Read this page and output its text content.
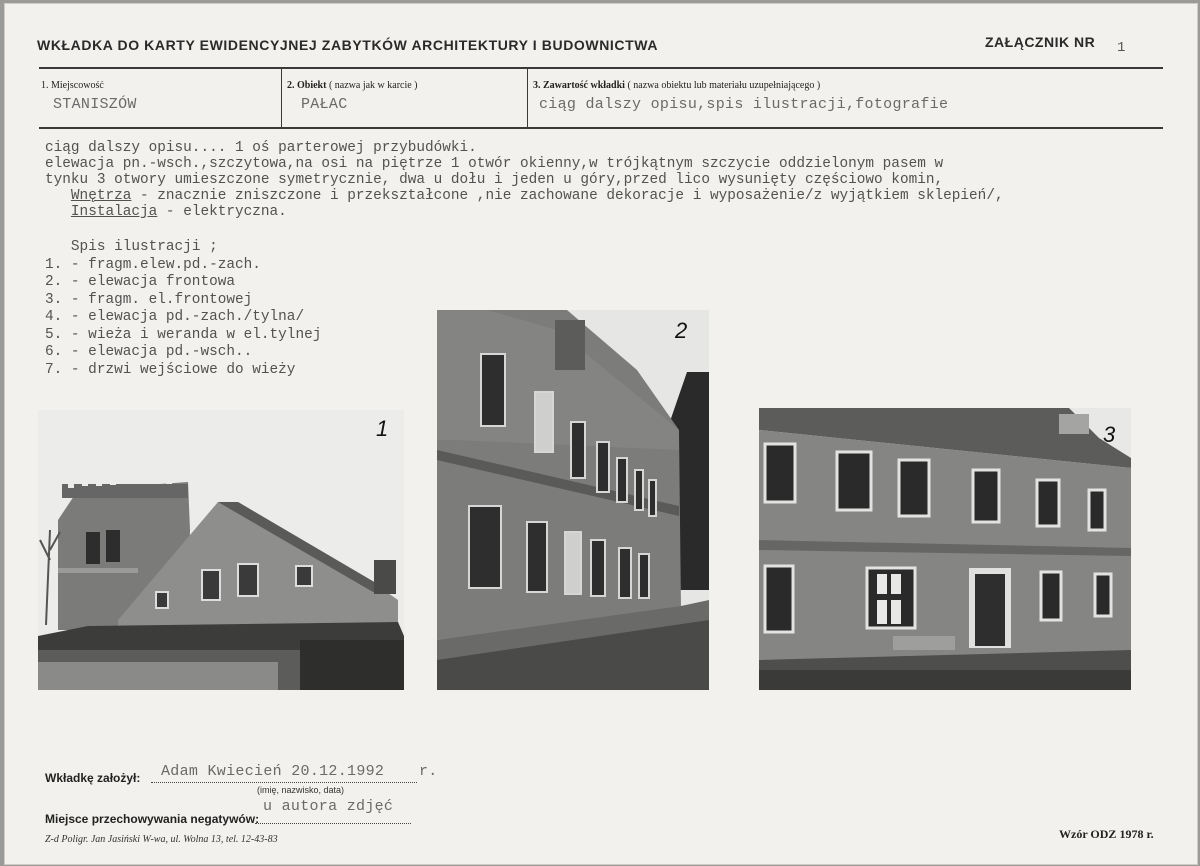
WKŁADKA DO KARTY EWIDENCYJNEJ ZABYTKÓW ARCHITEKTURY I BUDOWNICTWA	ZAŁĄCZNIK NR 1
1. Miejscowość
STANISZÓW
2. Obiekt ( nazwa jak w karcie )
PAŁAC
3. Zawartość wkładki ( nazwa obiektu lub materiału uzupełniającego )
ciąg dalszy opisu,spis ilustracji,fotografie
ciąg dalszy opisu.... 1 oś parterowej przybudówki.
elewacja pn.-wsch.,szczytowa,na osi na piętrze 1 otwór okienny,w trójkątnym szczycie oddzielonym pasem w
tynku 3 otwory umieszczone symetrycznie, dwa u dołu i jeden u góry,przed lico wysunięty częściowo komin,
Wnętrza - znacznie zniszczone i przekształcone ,nie zachowane dekoracje i wyposażenie/z wyjątkiem sklepień/,
Instalacja - elektryczna.
Spis ilustracji ;
1. - fragm.elew.pd.-zach.
2. - elewacja frontowa
3. - fragm. el.frontowej
4. - elewacja pd.-zach./tylna/
5. - wieża i weranda w el.tylnej
6. - elewacja pd.-wsch..
7. - drzwi wejściowe do wieży
1
2
3
Wkładkę założył: Adam Kwiecień 20.12.1992 r.
(imię, nazwisko, data)
Miejsce przechowywania negatywów:
u autora zdjęć
Z-d Poligr. Jan Jasiński W-wa, ul. Wolna 13, tel. 12-43-83	Wzór ODZ 1978 r.
